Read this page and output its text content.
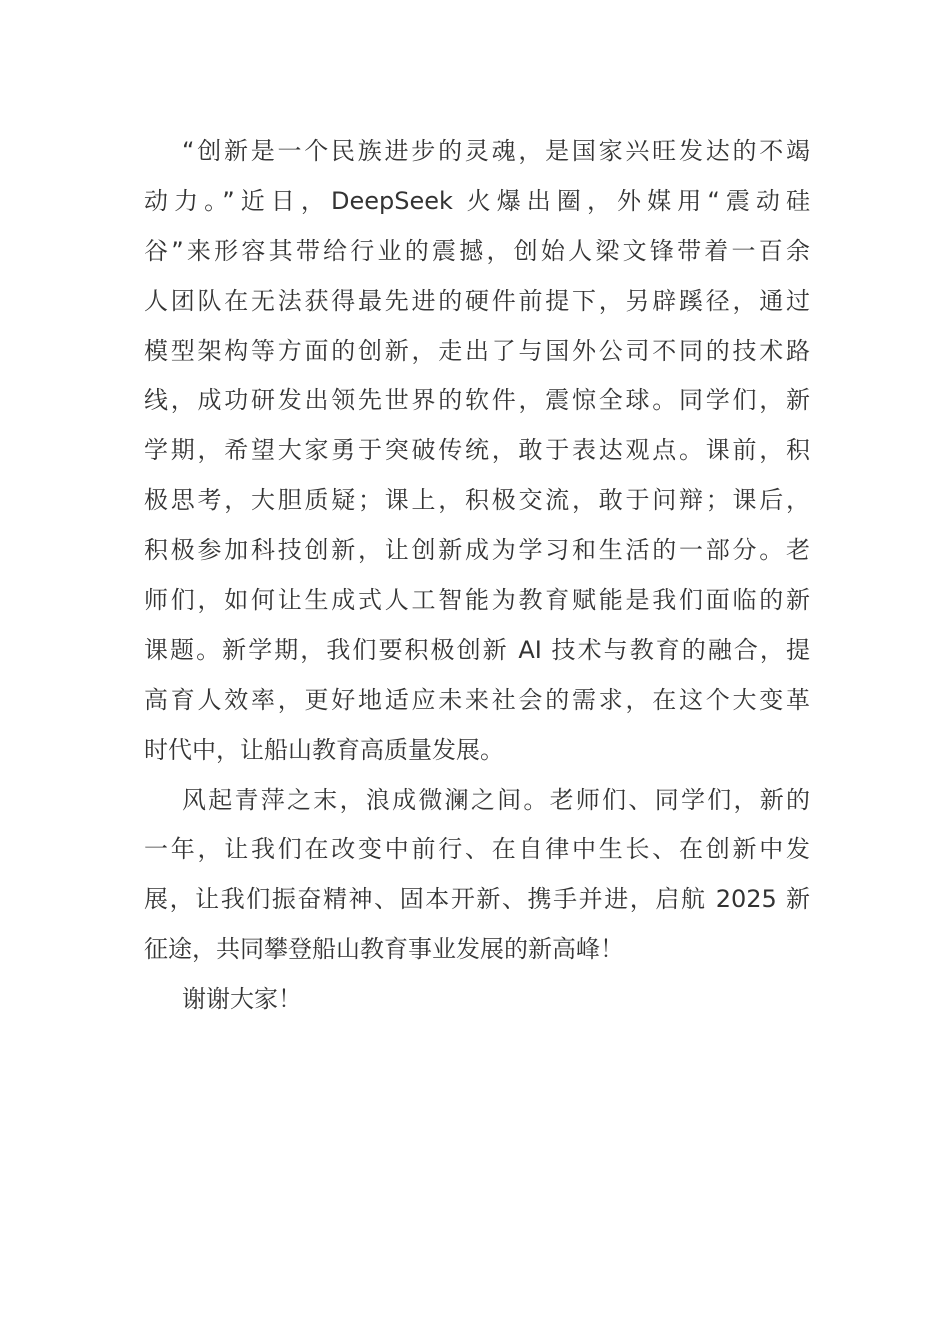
“创新是一个民族进步的灵魂，是国家兴旺发达的不竭
动力。”近日，DeepSeek 火爆出圈，外媒用“震动硅
谷”来形容其带给行业的震撼，创始人梁文锋带着一百余
人团队在无法获得最先进的硬件前提下，另辟蹊径，通过
模型架构等方面的创新，走出了与国外公司不同的技术路
线，成功研发出领先世界的软件，震惊全球。同学们，新
学期，希望大家勇于突破传统，敢于表达观点。课前，积
极思考，大胆质疑；课上，积极交流，敢于问辩；课后，
积极参加科技创新，让创新成为学习和生活的一部分。老
师们，如何让生成式人工智能为教育赋能是我们面临的新
课题。新学期，我们要积极创新 AI 技术与教育的融合，提
高育人效率，更好地适应未来社会的需求，在这个大变革
时代中，让船山教育高质量发展。
风起青萍之末，浪成微澜之间。老师们、同学们，新的
一年，让我们在改变中前行、在自律中生长、在创新中发
展，让我们振奋精神、固本开新、携手并进，启航 2025 新
征途，共同攀登船山教育事业发展的新高峰！
谢谢大家！
